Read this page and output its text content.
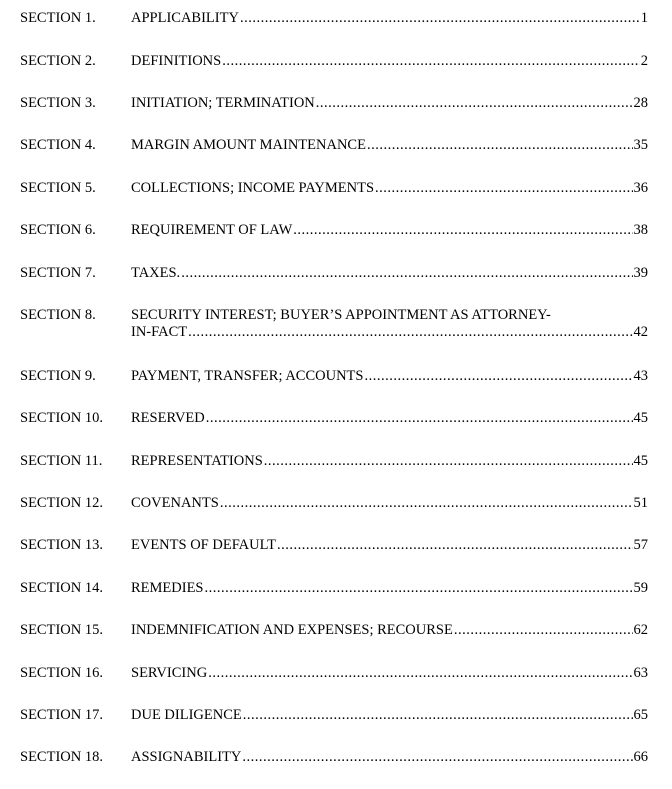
SECTION 1. APPLICABILITY .....	1
SECTION 2. DEFINITIONS .....	2
SECTION 3. INITIATION; TERMINATION .....	28
SECTION 4. MARGIN AMOUNT MAINTENANCE .....	35
SECTION 5. COLLECTIONS; INCOME PAYMENTS .....	36
SECTION 6. REQUIREMENT OF LAW .....	38
SECTION 7. TAXES. .....	39
SECTION 8. SECURITY INTEREST; BUYER’S APPOINTMENT AS ATTORNEY-
IN-FACT .....	42
SECTION 9. PAYMENT, TRANSFER; ACCOUNTS .....	43
SECTION 10. RESERVED .....	45
SECTION 11. REPRESENTATIONS .....	45
SECTION 12. COVENANTS .....	51
SECTION 13. EVENTS OF DEFAULT .....	57
SECTION 14. REMEDIES .....	59
SECTION 15. INDEMNIFICATION AND EXPENSES; RECOURSE .....	62
SECTION 16. SERVICING .....	63
SECTION 17. DUE DILIGENCE .....	65
SECTION 18. ASSIGNABILITY .....	66
